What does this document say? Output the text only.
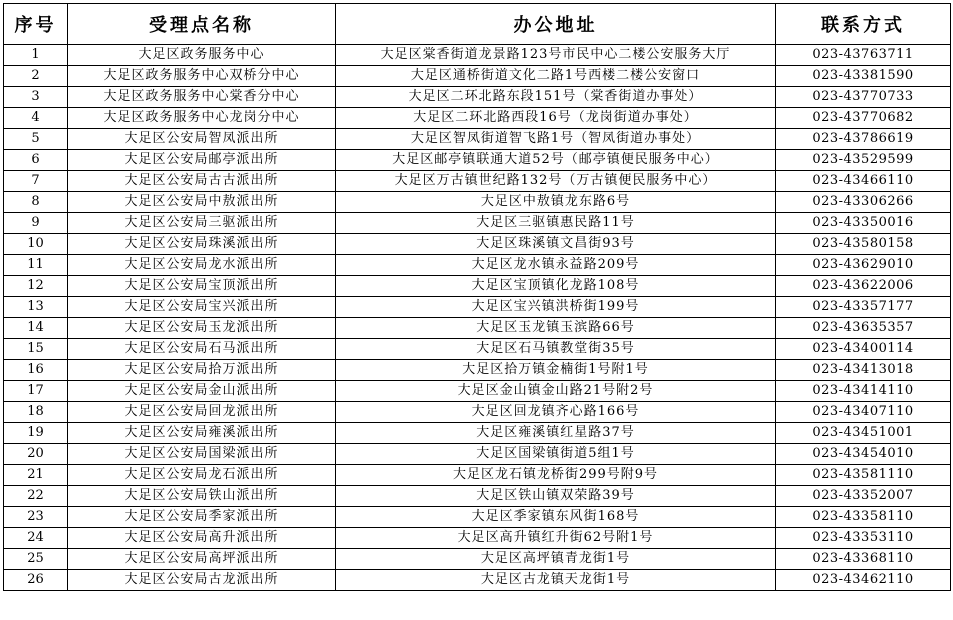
序号	受理点名称	办公地址	联系方式
1	大足区政务服务中心	大足区棠香街道龙景路123号市民中心二楼公安服务大厅	023-43763711
2	大足区政务服务中心双桥分中心	大足区通桥街道文化二路1号西楼二楼公安窗口	023-43381590
3	大足区政务服务中心棠香分中心	大足区二环北路东段151号（棠香街道办事处）	023-43770733
4	大足区政务服务中心龙岗分中心	大足区二环北路西段16号（龙岗街道办事处）	023-43770682
5	大足区公安局智凤派出所	大足区智凤街道智飞路1号（智凤街道办事处）	023-43786619
6	大足区公安局邮亭派出所	大足区邮亭镇联通大道52号（邮亭镇便民服务中心）	023-43529599
7	大足区公安局古古派出所	大足区万古镇世纪路132号（万古镇便民服务中心）	023-43466110
8	大足区公安局中敖派出所	大足区中敖镇龙东路6号	023-43306266
9	大足区公安局三驱派出所	大足区三驱镇惠民路11号	023-43350016
10	大足区公安局珠溪派出所	大足区珠溪镇文昌街93号	023-43580158
11	大足区公安局龙水派出所	大足区龙水镇永益路209号	023-43629010
12	大足区公安局宝顶派出所	大足区宝顶镇化龙路108号	023-43622006
13	大足区公安局宝兴派出所	大足区宝兴镇洪桥街199号	023-43357177
14	大足区公安局玉龙派出所	大足区玉龙镇玉滨路66号	023-43635357
15	大足区公安局石马派出所	大足区石马镇教堂街35号	023-43400114
16	大足区公安局拾万派出所	大足区拾万镇金楠街1号附1号	023-43413018
17	大足区公安局金山派出所	大足区金山镇金山路21号附2号	023-43414110
18	大足区公安局回龙派出所	大足区回龙镇齐心路166号	023-43407110
19	大足区公安局雍溪派出所	大足区雍溪镇红星路37号	023-43451001
20	大足区公安局国梁派出所	大足区国梁镇街道5组1号	023-43454010
21	大足区公安局龙石派出所	大足区龙石镇龙桥街299号附9号	023-43581110
22	大足区公安局铁山派出所	大足区铁山镇双荣路39号	023-43352007
23	大足区公安局季家派出所	大足区季家镇东风街168号	023-43358110
24	大足区公安局高升派出所	大足区高升镇红升街62号附1号	023-43353110
25	大足区公安局高坪派出所	大足区高坪镇青龙街1号	023-43368110
26	大足区公安局古龙派出所	大足区古龙镇天龙街1号	023-43462110
